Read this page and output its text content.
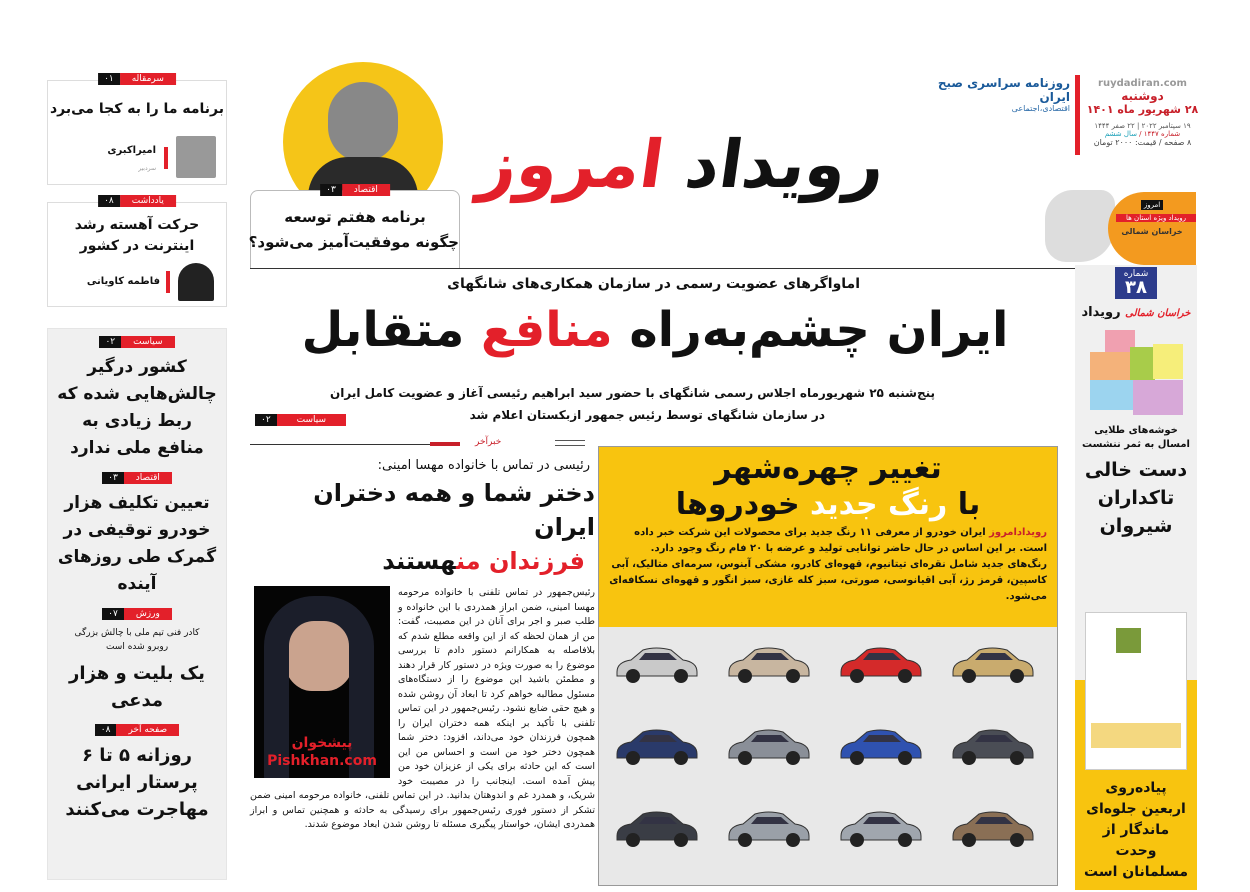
سرمقاله
۰۱
برنامه ما را به کجا می‌برد
امیراکبری
سردبیر
یادداشت
۰۸
حرکت آهسته رشد اینترنت در کشور
فاطمه کاویانی
سیاست
۰۲
کشور درگیر چالش‌هایی شده که ربط زیادی به منافع ملی ندارد
اقتصاد
۰۳
تعیین تکلیف هزار خودرو توقیفی در گمرک طی روزهای آینده
ورزش
۰۷
کادر فنی تیم ملی با چالش بزرگی روبرو شده است
یک بلیت و هزار مدعی
صفحه آخر
۰۸
روزانه ۵ تا ۶ پرستار ایرانی مهاجرت می‌کنند
رویداد امروز
اقتصاد
۰۳
برنامه هفتم توسعه
چگونه موفقیت‌آمیز می‌شود؟
روزنامه سراسری صبح ایران
اقتصادی،اجتماعی
ruydadiran.com
دوشنبه
۲۸ شهریور ماه ۱۴۰۱
۱۹ سپتامبر ۲۰۲۲ | ۲۲ صفر ۱۴۴۴
شماره ۱۴۴۷ / سال ششم
۸ صفحه / قیمت: ۲۰۰۰ تومان
امروز
رویداد ویژه استان ها
خراسان شمالی
اماواگرهای عضویت رسمی در سازمان همکاری‌های شانگهای
ایران چشم‌به‌راه منافع متقابل
پنج‌شنبه ۲۵ شهریورماه اجلاس رسمی شانگهای با حضور سید ابراهیم رئیسی آغاز و عضویت کامل ایران
در سازمان شانگهای توسط رئیس جمهور ازبکستان اعلام شد
سیاست
۰۲
خبرآخر
رئیسی در تماس با خانواده مهسا امینی:
دختر شما و همه دختران ایران
فرزندان منهستند
پیشخوان Pishkhan.com
رئیس‌جمهور در تماس تلفنی با خانواده مرحومه مهسا امینی، ضمن ابراز همدردی با این خانواده و طلب صبر و اجر برای آنان در این مصیبت، گفت: من از همان لحظه که از این واقعه مطلع شدم که بلافاصله به همکارانم دستور دادم تا بررسی موضوع را به صورت ویژه در دستور کار قرار دهند و مطمئن باشید این موضوع را از دستگاه‌های مسئول مطالبه خواهم کرد تا ابعاد آن روشن شده و هیچ حقی ضایع نشود. رئیس‌جمهور در این تماس تلفنی با تأکید بر اینکه همه دختران ایران را همچون فرزندان خود می‌داند، افزود: دختر شما همچون دختر خود من است و احساس من این است که این حادثه برای یکی از عزیزان خود من پیش آمده است. اینجانب را در مصیبت خود شریک، و همدرد غم و اندوهتان بدانید. در این تماس تلفنی، خانواده مرحومه امینی ضمن تشکر از دستور فوری رئیس‌جمهور برای رسیدگی به حادثه و همچنین تماس و ابراز همدردی ایشان، خواستار پیگیری مسئله تا روشن شدن ابعاد موضوع شدند.
تغییر چهره‌شهر
با رنگ جدید خودروها
رویدادامروز ایران خودرو از معرفی ۱۱ رنگ جدید برای محصولات این شرکت خبر داده است. بر این اساس در حال حاضر توانایی تولید و عرضه با ۲۰ فام رنگ وجود دارد. رنگ‌های جدید شامل نقره‌ای تیتانیوم، قهوه‌ای کادرو، مشکی آبنوس، سرمه‌ای متالیک، آبی کاسپین، قرمز رژ، آبی اقیانوسی، صورتی، سبز کله غازی، سبز انگور و قهوه‌ای نسکافه‌ای می‌شود.
شماره
۳۸
خراسان شمالی رویداد
خوشه‌های طلایی امسال به ثمر ننشست
دست خالی تاکداران شیروان
پیاده‌روی اربعین جلوه‌ای ماندگار از وحدت مسلمانان است
